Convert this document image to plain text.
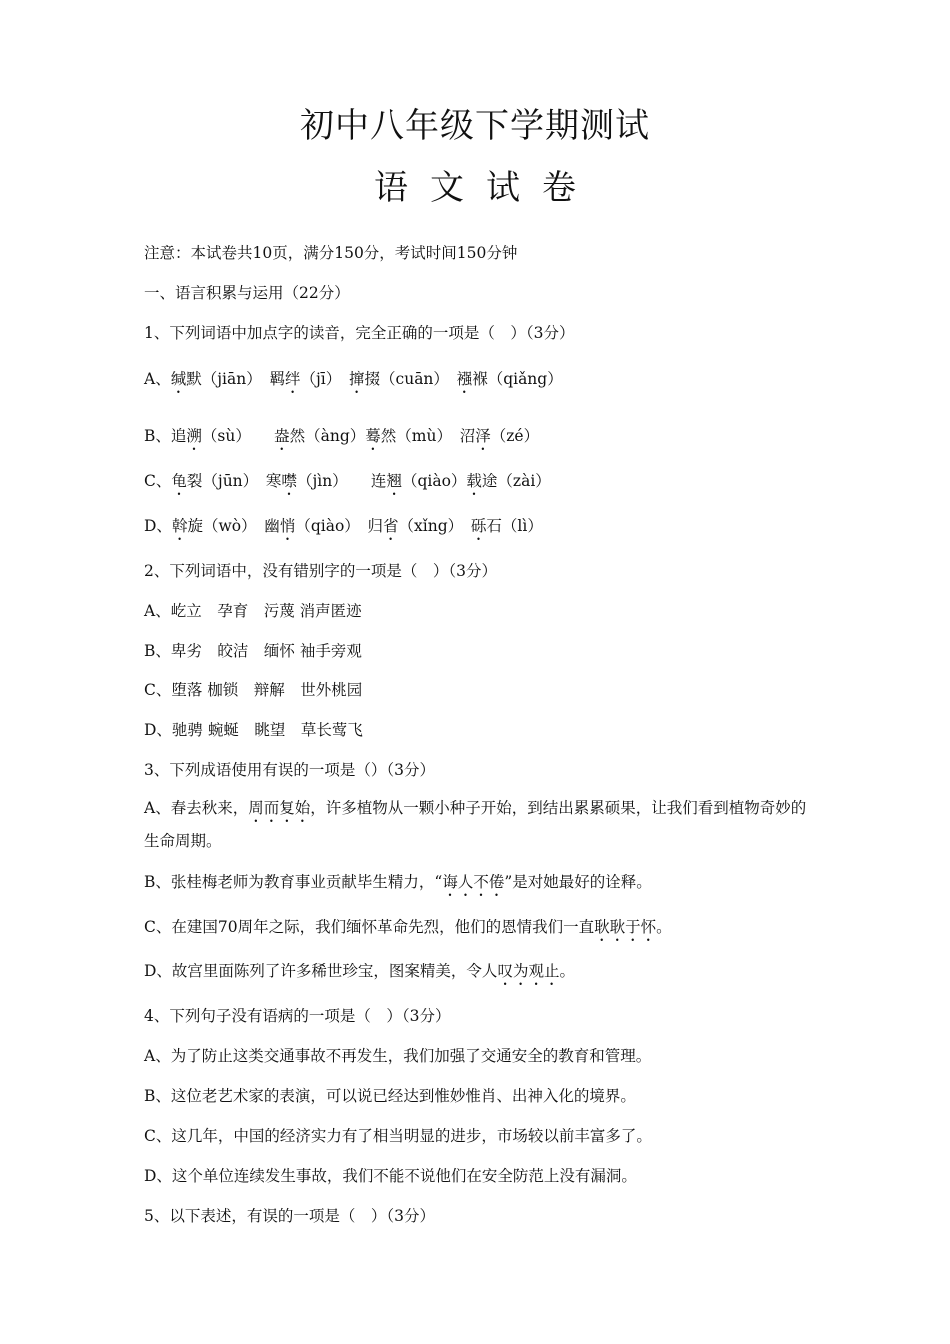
初中八年级下学期测试
语文试卷

注意：本试卷共10页，满分150分，考试时间150分钟

一、语言积累与运用（22分）

1、下列词语中加点字的读音，完全正确的一项是（　）（3分）

A、缄默（jiān）　羁绊（jī）　撺掇（cuān）　襁褓（qiǎng）

B、追溯（sù）　　盎然（àng）蓦然（mù）　沼泽（zé）

C、龟裂（jūn）　寒噤（jìn）　　连翘（qiào）载途（zài）

D、斡旋（wò）　幽悄（qiào）　归省（xǐng）　砾石（lì）

2、下列词语中，没有错别字的一项是（　）（3分）

A、屹立　孕育　污蔑 消声匿迹

B、卑劣　皎洁　缅怀 袖手旁观

C、堕落 枷锁　辩解　世外桃园

D、驰骋 蜿蜒　眺望　草长莺飞

3、下列成语使用有误的一项是（）（3分）

A、春去秋来，周而复始，许多植物从一颗小种子开始，到结出累累硕果，让我们看到植物奇妙的生命周期。

B、张桂梅老师为教育事业贡献毕生精力，“诲人不倦”是对她最好的诠释。

C、在建国70周年之际，我们缅怀革命先烈，他们的恩情我们一直耿耿于怀。

D、故宫里面陈列了许多稀世珍宝，图案精美，令人叹为观止。

4、下列句子没有语病的一项是（　）（3分）

A、为了防止这类交通事故不再发生，我们加强了交通安全的教育和管理。

B、这位老艺术家的表演，可以说已经达到惟妙惟肖、出神入化的境界。

C、这几年，中国的经济实力有了相当明显的进步，市场较以前丰富多了。

D、这个单位连续发生事故，我们不能不说他们在安全防范上没有漏洞。

5、以下表述，有误的一项是（　）（3分）
